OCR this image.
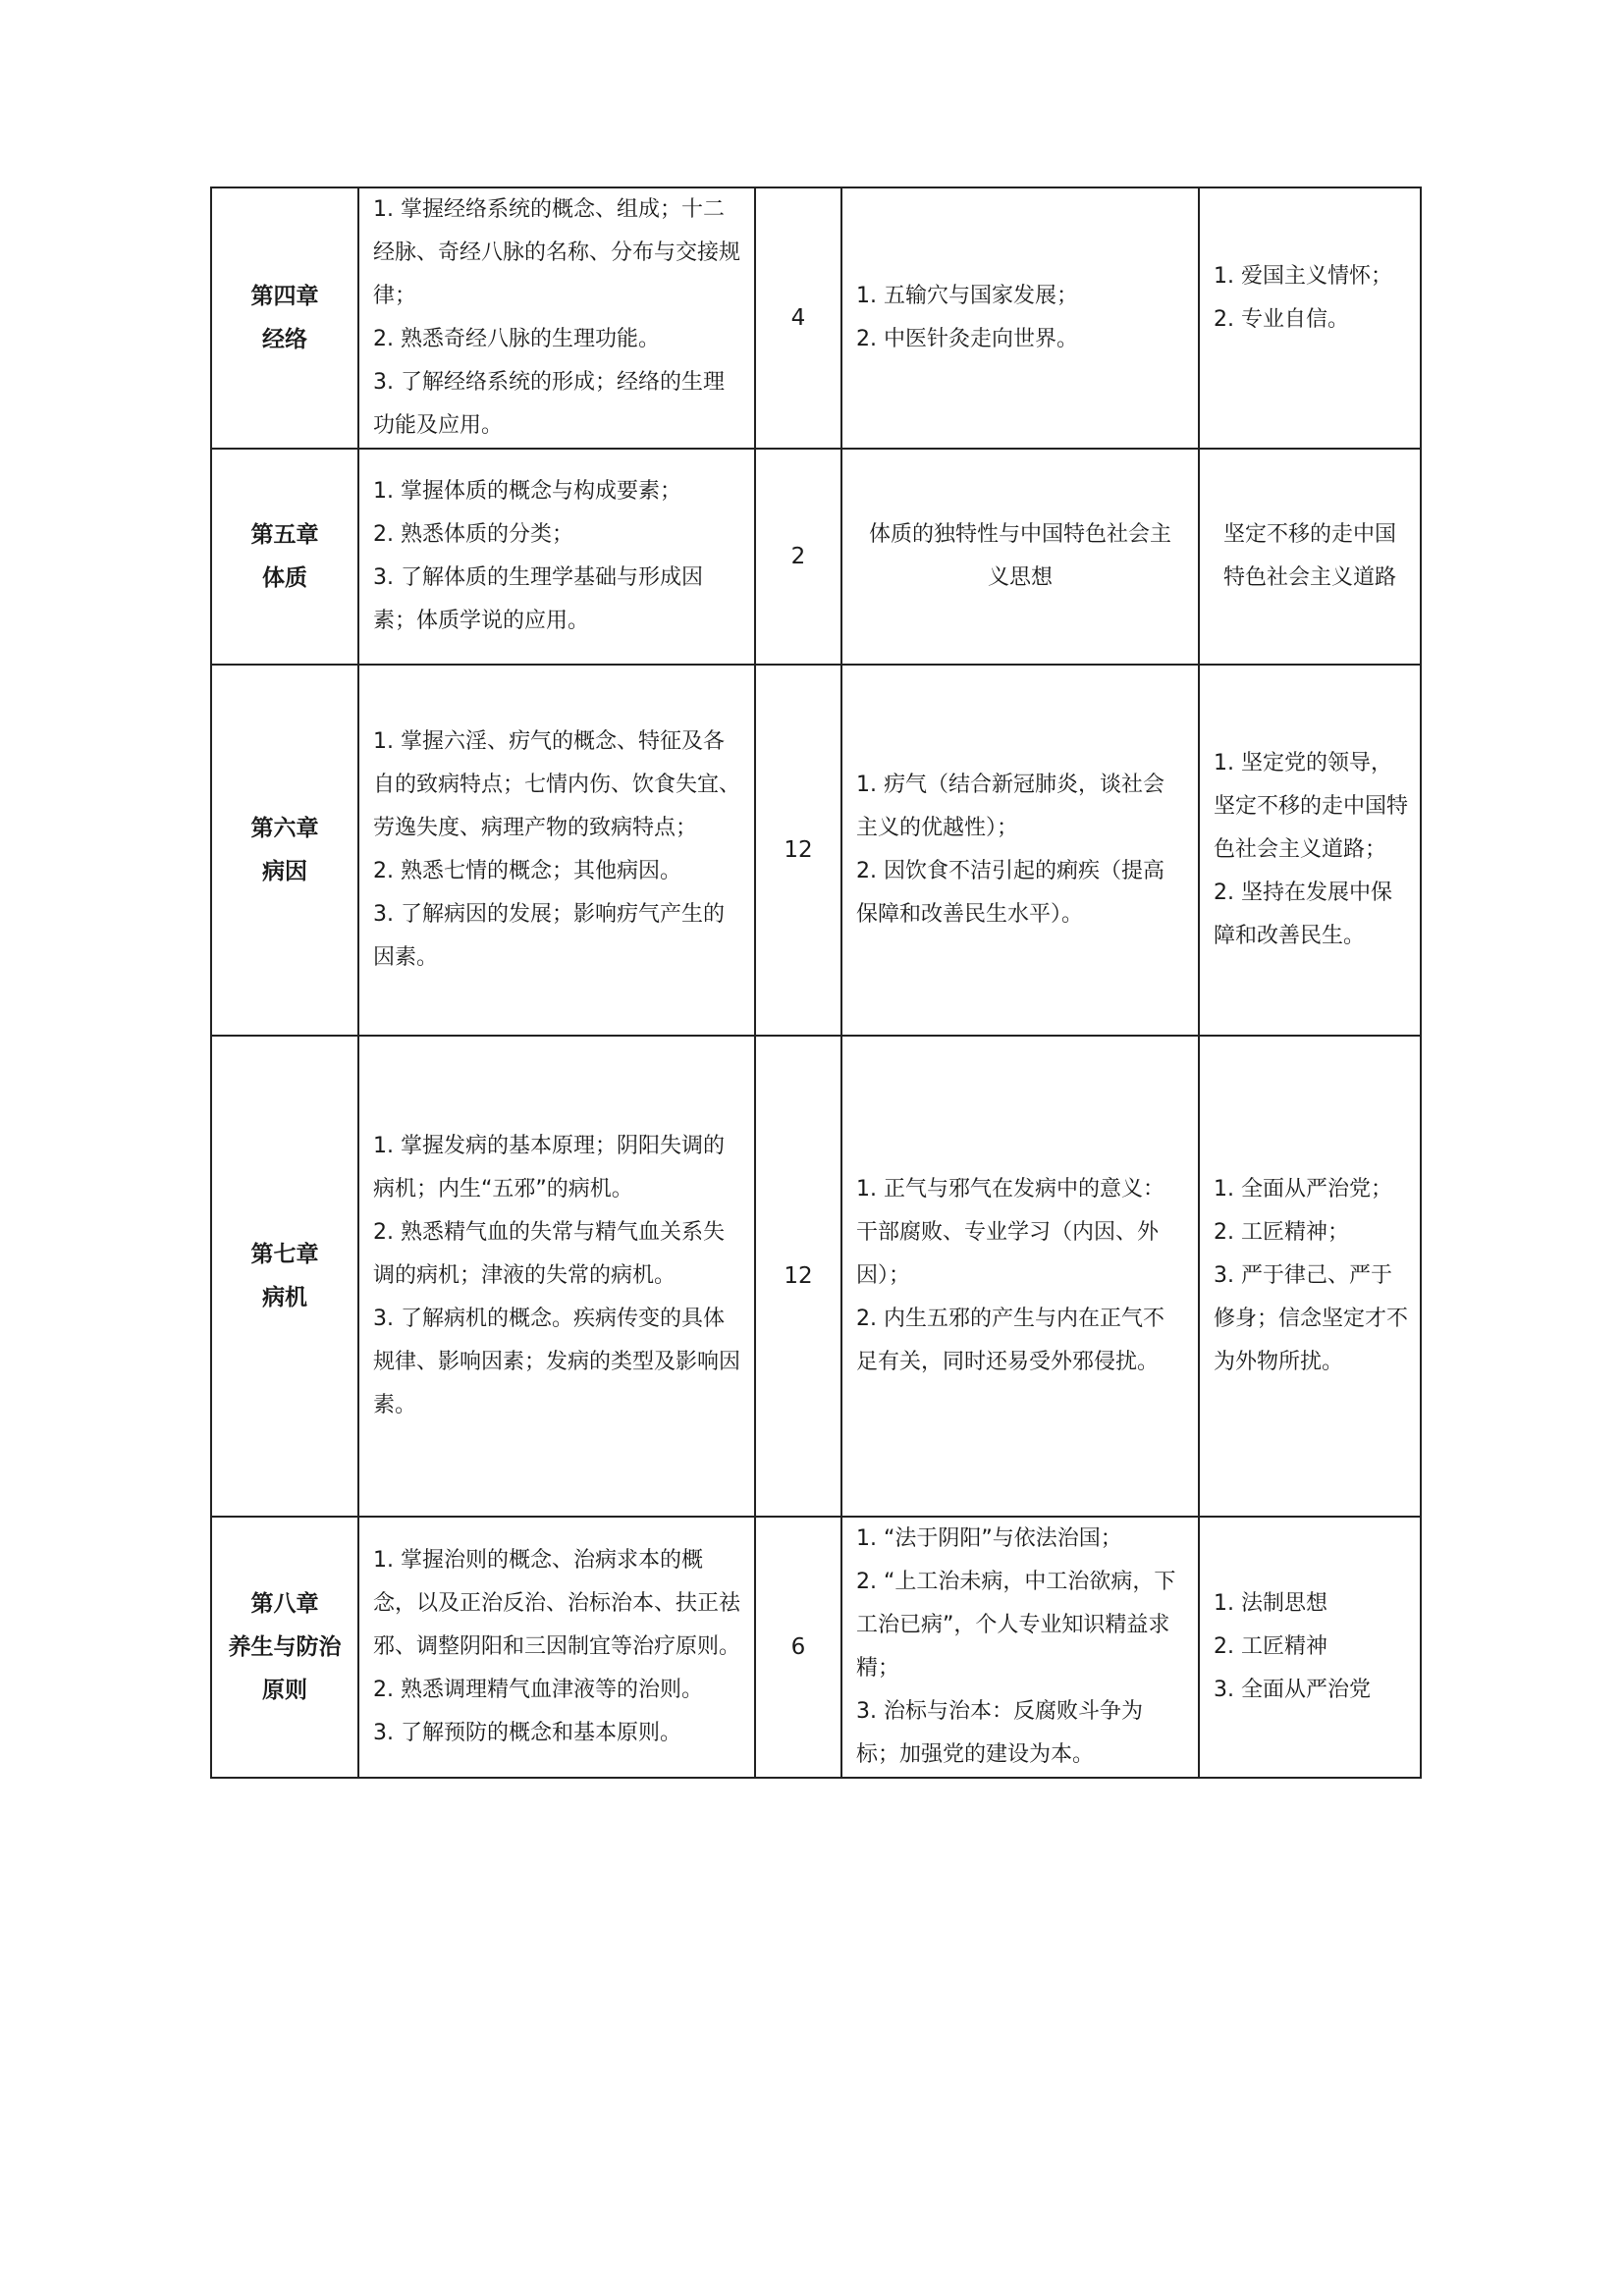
第四章
经络	1. 掌握经络系统的概念、组成；十二经脉、奇经八脉的名称、分布与交接规律；
2. 熟悉奇经八脉的生理功能。
3. 了解经络系统的形成；经络的生理功能及应用。	4	1. 五输穴与国家发展；
2. 中医针灸走向世界。	1. 爱国主义情怀；
2. 专业自信。

第五章
体质	1. 掌握体质的概念与构成要素；
2. 熟悉体质的分类；
3. 了解体质的生理学基础与形成因素；体质学说的应用。	2	体质的独特性与中国特色社会主义思想	坚定不移的走中国特色社会主义道路

第六章
病因	1. 掌握六淫、疠气的概念、特征及各自的致病特点；七情内伤、饮食失宜、劳逸失度、病理产物的致病特点；
2. 熟悉七情的概念；其他病因。
3. 了解病因的发展；影响疠气产生的因素。	12	1. 疠气（结合新冠肺炎，谈社会主义的优越性）；
2. 因饮食不洁引起的痢疾（提高保障和改善民生水平）。	1. 坚定党的领导，坚定不移的走中国特色社会主义道路；
2. 坚持在发展中保障和改善民生。

第七章
病机	1. 掌握发病的基本原理；阴阳失调的病机；内生“五邪”的病机。
2. 熟悉精气血的失常与精气血关系失调的病机；津液的失常的病机。
3. 了解病机的概念。疾病传变的具体规律、影响因素；发病的类型及影响因素。	12	1. 正气与邪气在发病中的意义：干部腐败、专业学习（内因、外因）；
2. 内生五邪的产生与内在正气不足有关，同时还易受外邪侵扰。	1. 全面从严治党；
2. 工匠精神；
3. 严于律己、严于修身；信念坚定才不为外物所扰。

第八章
养生与防治原则	1. 掌握治则的概念、治病求本的概念，以及正治反治、治标治本、扶正祛邪、调整阴阳和三因制宜等治疗原则。
2. 熟悉调理精气血津液等的治则。
3. 了解预防的概念和基本原则。	6	1. “法于阴阳”与依法治国；
2. “上工治未病，中工治欲病，下工治已病”，个人专业知识精益求精；
3. 治标与治本：反腐败斗争为标；加强党的建设为本。	1. 法制思想
2. 工匠精神
3. 全面从严治党
